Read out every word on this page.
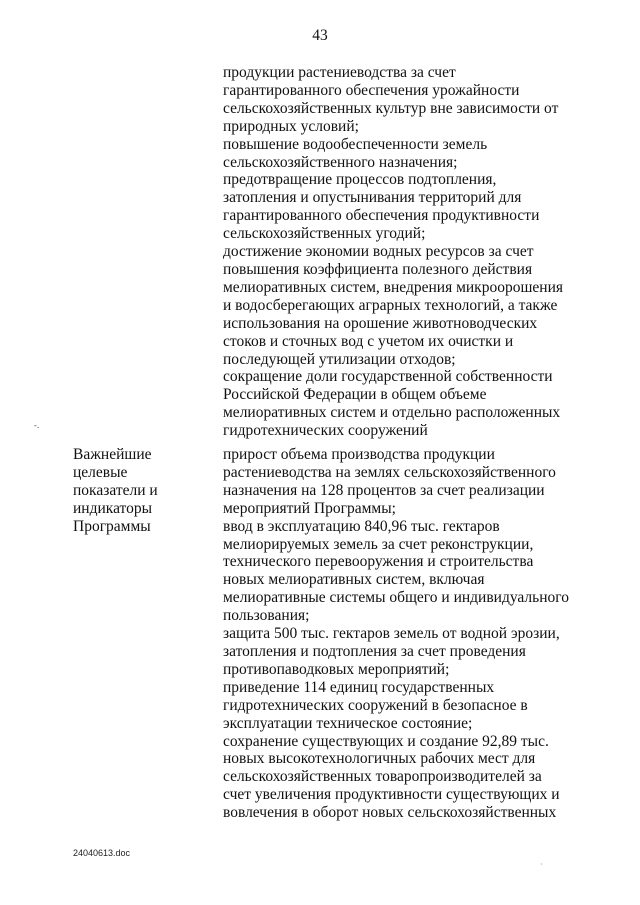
43
продукции растениеводства за счет
гарантированного обеспечения урожайности
сельскохозяйственных культур вне зависимости от
природных условий;
повышение водообеспеченности земель
сельскохозяйственного назначения;
предотвращение процессов подтопления,
затопления и опустынивания территорий для
гарантированного обеспечения продуктивности
сельскохозяйственных угодий;
достижение экономии водных ресурсов за счет
повышения коэффициента полезного действия
мелиоративных систем, внедрения микроорошения
и водосберегающих аграрных технологий, а также
использования на орошение животноводческих
стоков и сточных вод с учетом их очистки и
последующей утилизации отходов;
сокращение доли государственной собственности
Российской Федерации в общем объеме
мелиоративных систем и отдельно расположенных
гидротехнических сооружений
Важнейшие
целевые
показатели и
индикаторы
Программы
прирост объема производства продукции
растениеводства на землях сельскохозяйственного
назначения на 128 процентов за счет реализации
мероприятий Программы;
ввод в эксплуатацию 840,96 тыс. гектаров
мелиорируемых земель за счет реконструкции,
технического перевооружения и строительства
новых мелиоративных систем, включая
мелиоративные системы общего и индивидуального
пользования;
защита 500 тыс. гектаров земель от водной эрозии,
затопления и подтопления за счет проведения
противопаводковых мероприятий;
приведение 114 единиц государственных
гидротехнических сооружений в безопасное в
эксплуатации техническое состояние;
сохранение существующих и создание 92,89 тыс.
новых высокотехнологичных рабочих мест для
сельскохозяйственных товаропроизводителей за
счет увеличения продуктивности существующих и
вовлечения в оборот новых сельскохозяйственных
-.
24040613.doc
·
